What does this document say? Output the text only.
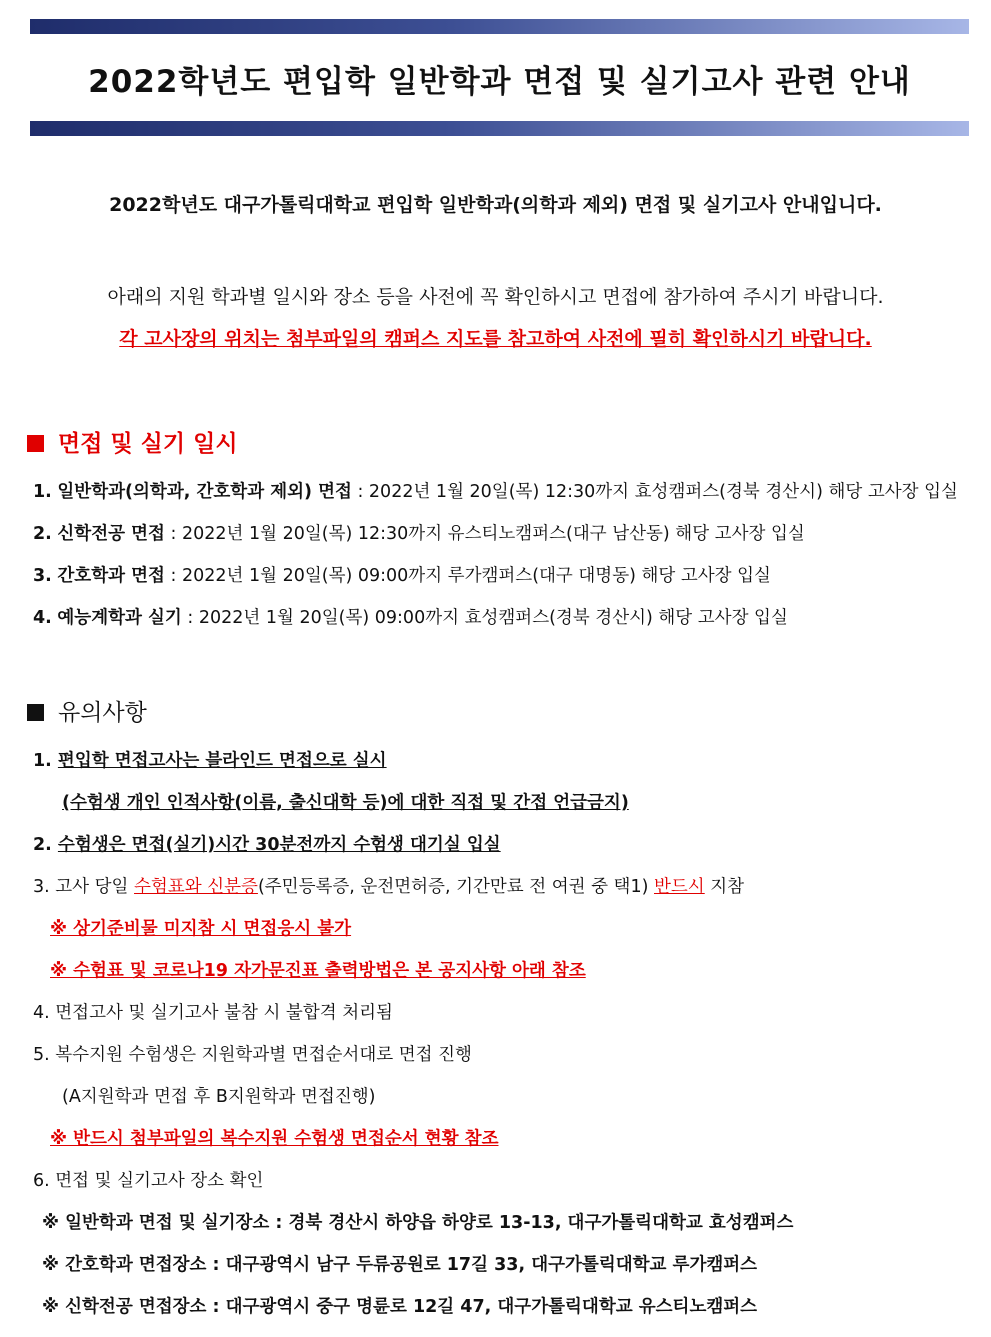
2022학년도 편입학 일반학과 면접 및 실기고사 관련 안내
2022학년도 대구가톨릭대학교 편입학 일반학과(의학과 제외) 면접 및 실기고사 안내입니다.
아래의 지원 학과별 일시와 장소 등을 사전에 꼭 확인하시고 면접에 참가하여 주시기 바랍니다.
각 고사장의 위치는 첨부파일의 캠퍼스 지도를 참고하여 사전에 필히 확인하시기 바랍니다.
면접 및 실기 일시
1. 일반학과(의학과, 간호학과 제외) 면접 : 2022년 1월 20일(목) 12:30까지 효성캠퍼스(경북 경산시) 해당 고사장 입실
2. 신학전공 면접 : 2022년 1월 20일(목) 12:30까지 유스티노캠퍼스(대구 남산동) 해당 고사장 입실
3. 간호학과 면접 : 2022년 1월 20일(목) 09:00까지 루가캠퍼스(대구 대명동) 해당 고사장 입실
4. 예능계학과 실기 : 2022년 1월 20일(목) 09:00까지 효성캠퍼스(경북 경산시) 해당 고사장 입실
유의사항
1. 편입학 면접고사는 블라인드 면접으로 실시
(수험생 개인 인적사항(이름, 출신대학 등)에 대한 직접 및 간접 언급금지)
2. 수험생은 면접(실기)시간 30분전까지 수험생 대기실 입실
3. 고사 당일 수험표와 신분증(주민등록증, 운전면허증, 기간만료 전 여권 중 택1) 반드시 지참
※ 상기준비물 미지참 시 면접응시 불가
※ 수험표 및 코로나19 자가문진표 출력방법은 본 공지사항 아래 참조
4. 면접고사 및 실기고사 불참 시 불합격 처리됨
5. 복수지원 수험생은 지원학과별 면접순서대로 면접 진행
(A지원학과 면접 후 B지원학과 면접진행)
※ 반드시 첨부파일의 복수지원 수험생 면접순서 현황 참조
6. 면접 및 실기고사 장소 확인
※ 일반학과 면접 및 실기장소 : 경북 경산시 하양읍 하양로 13-13, 대구가톨릭대학교 효성캠퍼스
※ 간호학과 면접장소 : 대구광역시 남구 두류공원로 17길 33, 대구가톨릭대학교 루가캠퍼스
※ 신학전공 면접장소 : 대구광역시 중구 명륜로 12길 47, 대구가톨릭대학교 유스티노캠퍼스
